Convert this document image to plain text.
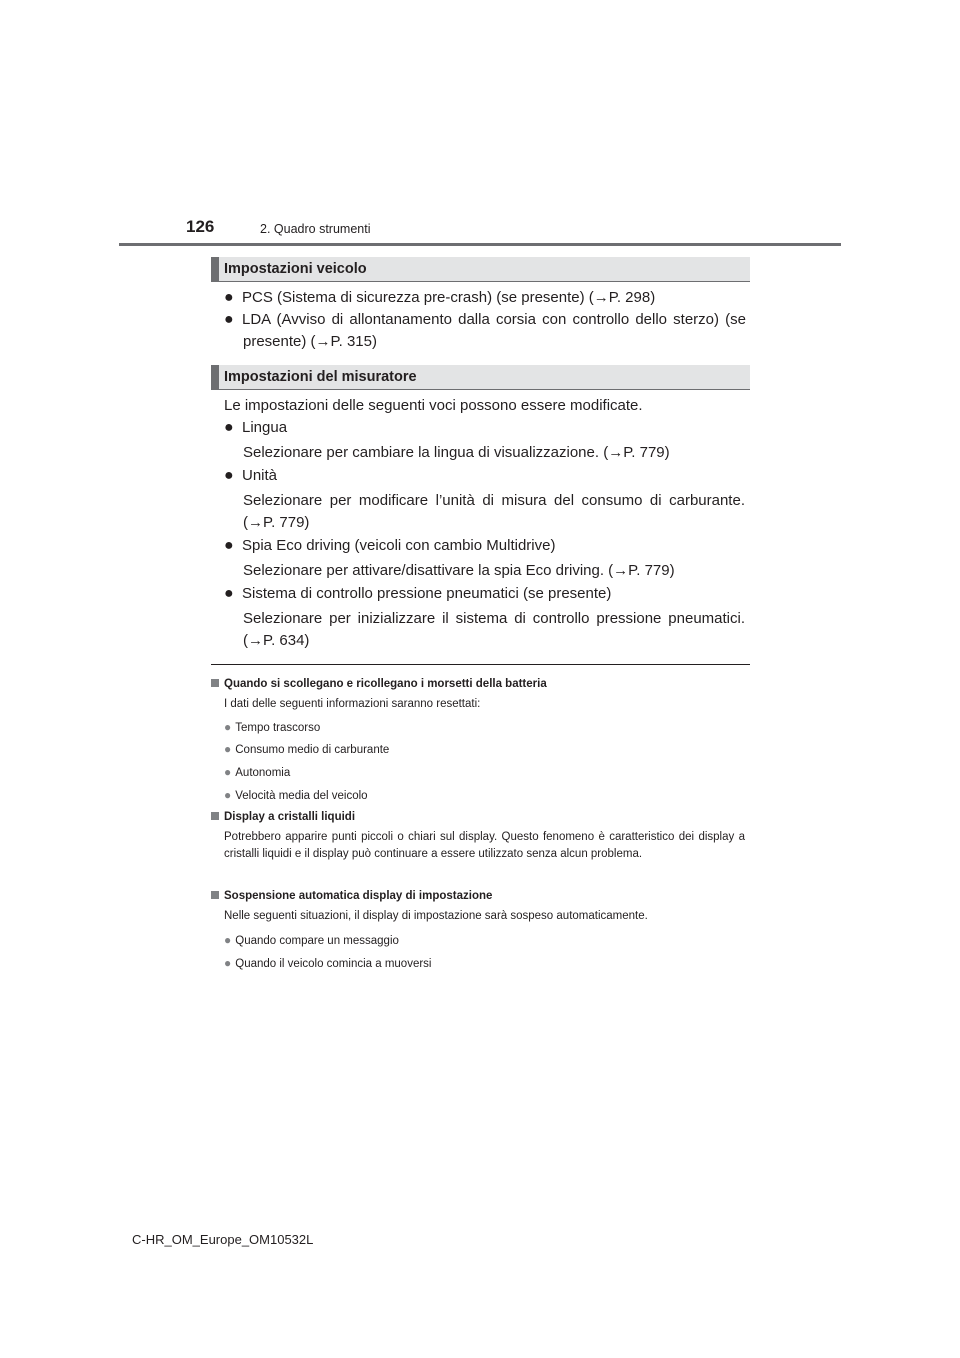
126	2. Quadro strumenti
Impostazioni veicolo
● PCS (Sistema di sicurezza pre-crash) (se presente) (→P. 298)
● LDA (Avviso di allontanamento dalla corsia con controllo dello sterzo) (se
presente) (→P. 315)
Impostazioni del misuratore
Le impostazioni delle seguenti voci possono essere modificate.
● Lingua
Selezionare per cambiare la lingua di visualizzazione. (→P. 779)
● Unità
Selezionare per modificare l’unità di misura del consumo di carburante.
(→P. 779)
● Spia Eco driving (veicoli con cambio Multidrive)
Selezionare per attivare/disattivare la spia Eco driving. (→P. 779)
● Sistema di controllo pressione pneumatici (se presente)
Selezionare per inizializzare il sistema di controllo pressione pneumatici.
(→P. 634)
Quando si scollegano e ricollegano i morsetti della batteria
I dati delle seguenti informazioni saranno resettati:
● Tempo trascorso
● Consumo medio di carburante
● Autonomia
● Velocità media del veicolo
Display a cristalli liquidi
Potrebbero apparire punti piccoli o chiari sul display. Questo fenomeno è caratteristico dei display a cristalli liquidi e il display può continuare a essere utilizzato senza alcun problema.
Sospensione automatica display di impostazione
Nelle seguenti situazioni, il display di impostazione sarà sospeso automaticamente.
● Quando compare un messaggio
● Quando il veicolo comincia a muoversi
C-HR_OM_Europe_OM10532L
